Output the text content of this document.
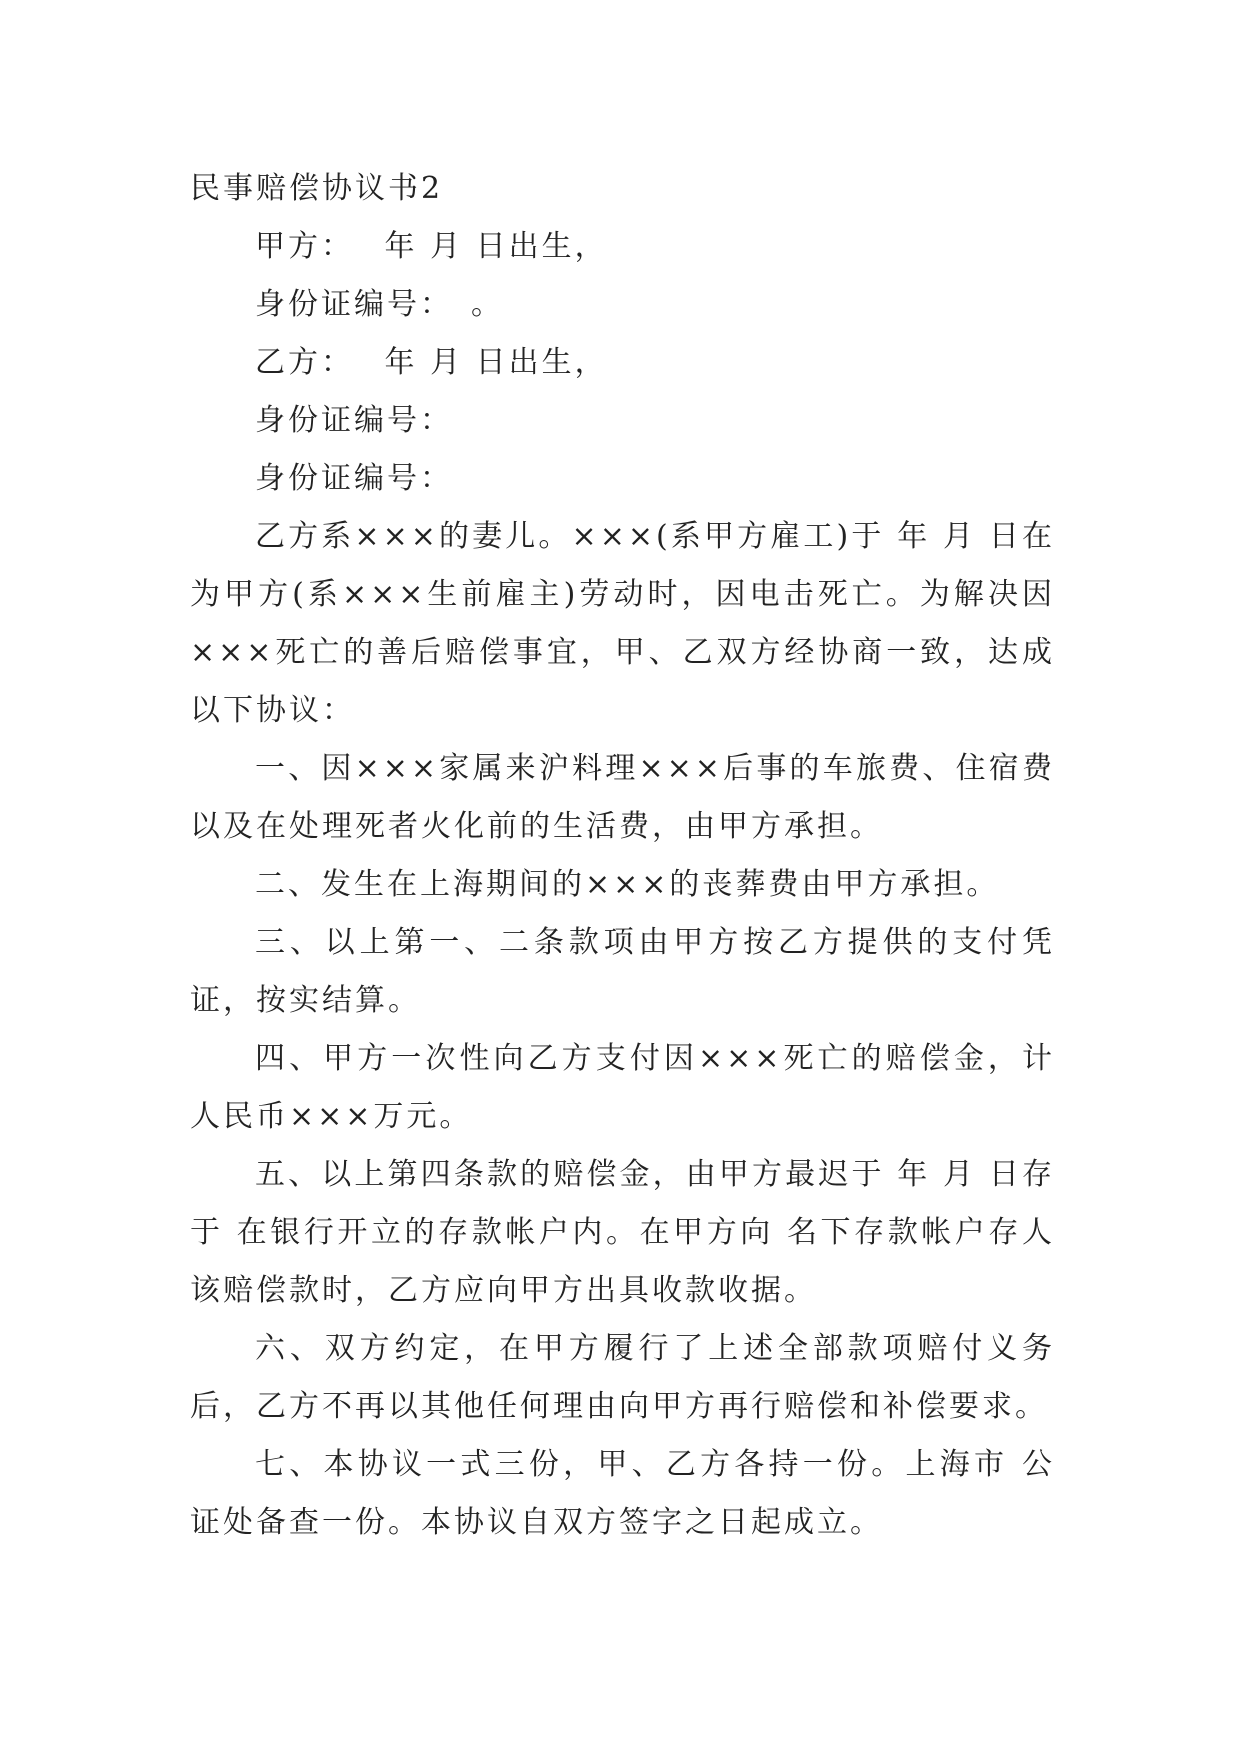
民事赔偿协议书2

甲方：　 年 月 日出生，

身份证编号：　。

乙方：　 年 月 日出生，

身份证编号：

身份证编号：

乙方系×××的妻儿。×××(系甲方雇工)于 年 月 日在为甲方(系×××生前雇主)劳动时，因电击死亡。为解决因×××死亡的善后赔偿事宜，甲、乙双方经协商一致，达成以下协议：

一、因×××家属来沪料理×××后事的车旅费、住宿费以及在处理死者火化前的生活费，由甲方承担。

二、发生在上海期间的×××的丧葬费由甲方承担。

三、以上第一、二条款项由甲方按乙方提供的支付凭证，按实结算。

四、甲方一次性向乙方支付因×××死亡的赔偿金，计人民币×××万元。

五、以上第四条款的赔偿金，由甲方最迟于 年 月 日存于 在银行开立的存款帐户内。在甲方向 名下存款帐户存人该赔偿款时，乙方应向甲方出具收款收据。

六、双方约定，在甲方履行了上述全部款项赔付义务后，乙方不再以其他任何理由向甲方再行赔偿和补偿要求。

七、本协议一式三份，甲、乙方各持一份。上海市 公证处备查一份。本协议自双方签字之日起成立。
